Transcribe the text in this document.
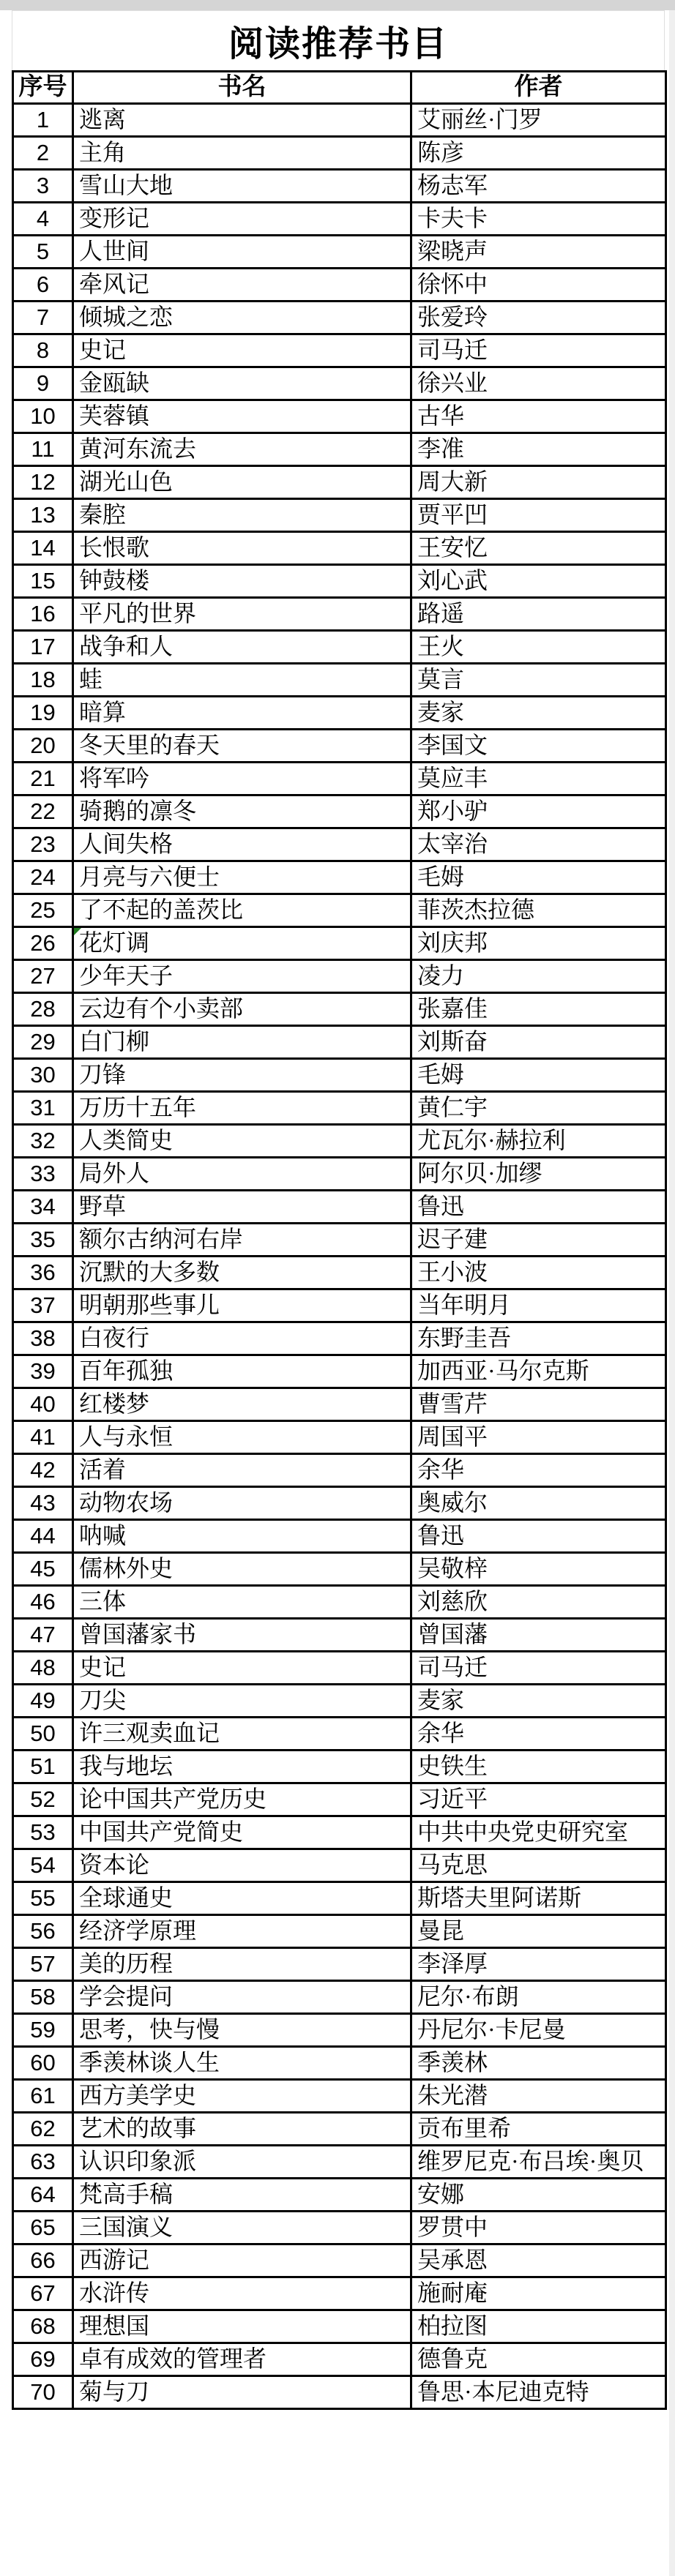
阅读推荐书目
序号	书名	作者
1	逃离	艾丽丝·门罗
2	主角	陈彦
3	雪山大地	杨志军
4	变形记	卡夫卡
5	人世间	梁晓声
6	牵风记	徐怀中
7	倾城之恋	张爱玲
8	史记	司马迁
9	金瓯缺	徐兴业
10	芙蓉镇	古华
11	黄河东流去	李准
12	湖光山色	周大新
13	秦腔	贾平凹
14	长恨歌	王安忆
15	钟鼓楼	刘心武
16	平凡的世界	路遥
17	战争和人	王火
18	蛙	莫言
19	暗算	麦家
20	冬天里的春天	李国文
21	将军吟	莫应丰
22	骑鹅的凛冬	郑小驴
23	人间失格	太宰治
24	月亮与六便士	毛姆
25	了不起的盖茨比	菲茨杰拉德
26	花灯调	刘庆邦
27	少年天子	凌力
28	云边有个小卖部	张嘉佳
29	白门柳	刘斯奋
30	刀锋	毛姆
31	万历十五年	黄仁宇
32	人类简史	尤瓦尔·赫拉利
33	局外人	阿尔贝·加缪
34	野草	鲁迅
35	额尔古纳河右岸	迟子建
36	沉默的大多数	王小波
37	明朝那些事儿	当年明月
38	白夜行	东野圭吾
39	百年孤独	加西亚·马尔克斯
40	红楼梦	曹雪芹
41	人与永恒	周国平
42	活着	余华
43	动物农场	奥威尔
44	呐喊	鲁迅
45	儒林外史	吴敬梓
46	三体	刘慈欣
47	曾国藩家书	曾国藩
48	史记	司马迁
49	刀尖	麦家
50	许三观卖血记	余华
51	我与地坛	史铁生
52	论中国共产党历史	习近平
53	中国共产党简史	中共中央党史研究室
54	资本论	马克思
55	全球通史	斯塔夫里阿诺斯
56	经济学原理	曼昆
57	美的历程	李泽厚
58	学会提问	尼尔·布朗
59	思考，快与慢	丹尼尔·卡尼曼
60	季羡林谈人生	季羡林
61	西方美学史	朱光潜
62	艺术的故事	贡布里希
63	认识印象派	维罗尼克·布吕埃·奥贝
64	梵高手稿	安娜
65	三国演义	罗贯中
66	西游记	吴承恩
67	水浒传	施耐庵
68	理想国	柏拉图
69	卓有成效的管理者	德鲁克
70	菊与刀	鲁思·本尼迪克特
